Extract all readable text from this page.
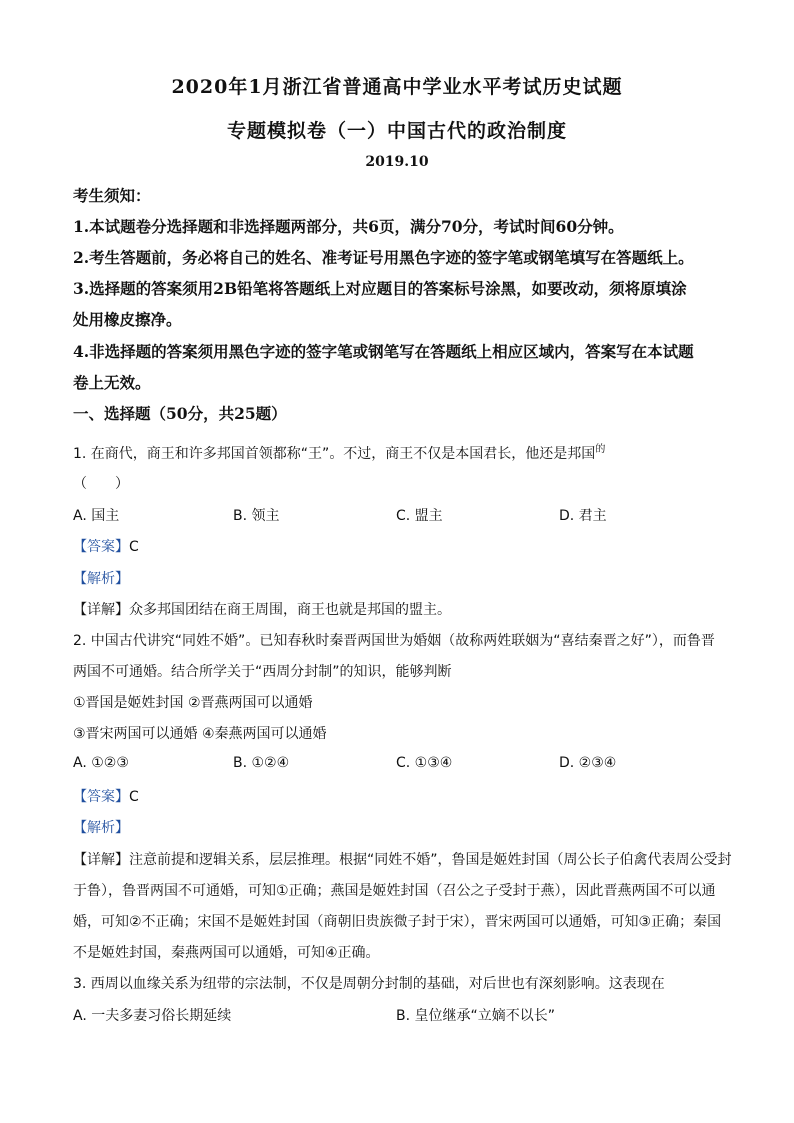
2020年1月浙江省普通高中学业水平考试历史试题
专题模拟卷（一）中国古代的政治制度
2019.10
考生须知：
1.本试题卷分选择题和非选择题两部分，共6页，满分70分，考试时间60分钟。
2.考生答题前，务必将自己的姓名、准考证号用黑色字迹的签字笔或钢笔填写在答题纸上。
3.选择题的答案须用2B铅笔将答题纸上对应题目的答案标号涂黑，如要改动，须将原填涂
处用橡皮擦净。
4.非选择题的答案须用黑色字迹的签字笔或钢笔写在答题纸上相应区域内，答案写在本试题
卷上无效。
一、选择题（50分，共25题）
1. 在商代，商王和许多邦国首领都称“王”。不过，商王不仅是本国君长，他还是邦国$^的$
（　　）
A. 国主	B. 领主	C. 盟主	D. 君主
【答案】C
【解析】
【详解】众多邦国团结在商王周围，商王也就是邦国的盟主。
2. 中国古代讲究“同姓不婚”。已知春秋时秦晋两国世为婚姻（故称两姓联姻为“喜结秦晋之好”），而鲁晋
两国不可通婚。结合所学关于“西周分封制”的知识，能够判断
①晋国是姬姓封国 ②晋燕两国可以通婚
③晋宋两国可以通婚 ④秦燕两国可以通婚
A. ①②③	B. ①②④	C. ①③④	D. ②③④
【答案】C
【解析】
【详解】注意前提和逻辑关系，层层推理。根据“同姓不婚”，鲁国是姬姓封国（周公长子伯禽代表周公受封
于鲁），鲁晋两国不可通婚，可知①正确；燕国是姬姓封国（召公之子受封于燕），因此晋燕两国不可以通
婚，可知②不正确；宋国不是姬姓封国（商朝旧贵族微子封于宋），晋宋两国可以通婚，可知③正确；秦国
不是姬姓封国，秦燕两国可以通婚，可知④正确。
3. 西周以血缘关系为纽带的宗法制，不仅是周朝分封制的基础，对后世也有深刻影响。这表现在
A. 一夫多妻习俗长期延续	B. 皇位继承“立嫡不以长”
